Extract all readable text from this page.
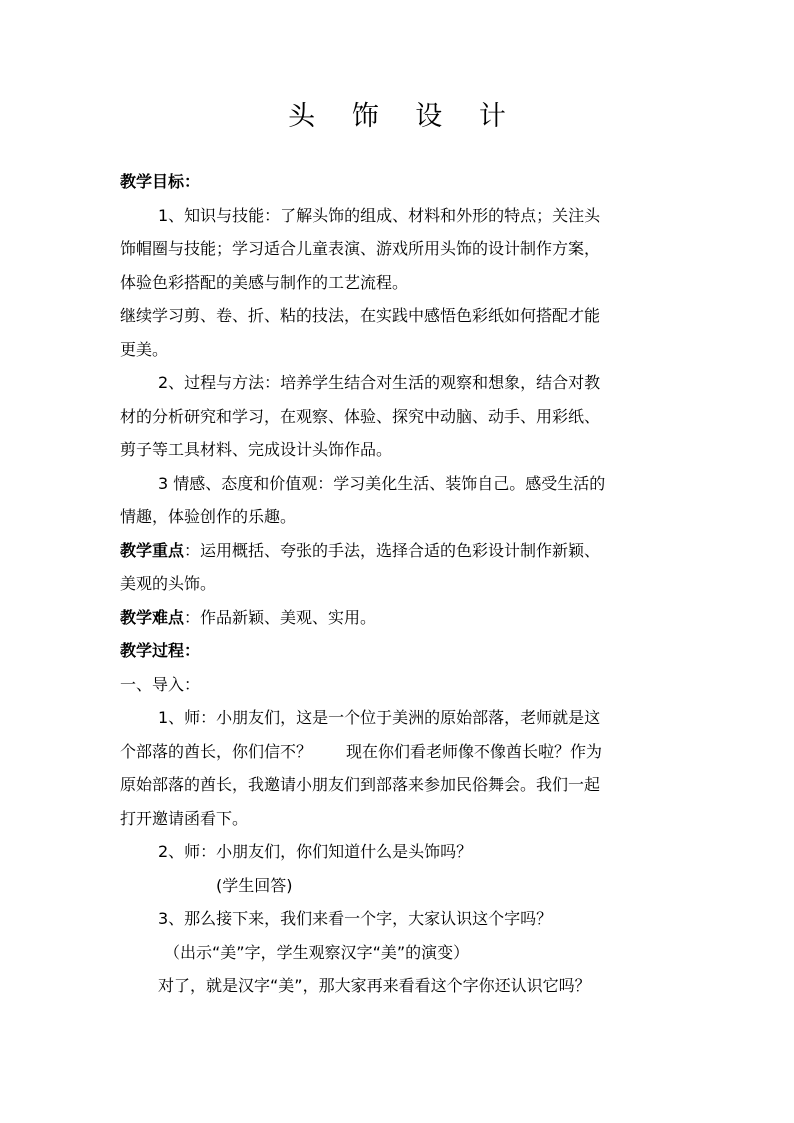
头 饰 设 计

教学目标：

1、知识与技能：了解头饰的组成、材料和外形的特点；关注头

饰帽圈与技能；学习适合儿童表演、游戏所用头饰的设计制作方案，

体验色彩搭配的美感与制作的工艺流程。

继续学习剪、卷、折、粘的技法，在实践中感悟色彩纸如何搭配才能

更美。

2、过程与方法：培养学生结合对生活的观察和想象，结合对教

材的分析研究和学习，在观察、体验、探究中动脑、动手、用彩纸、

剪子等工具材料、完成设计头饰作品。

3 情感、态度和价值观：学习美化生活、装饰自己。感受生活的

情趣，体验创作的乐趣。

教学重点：运用概括、夸张的手法，选择合适的色彩设计制作新颖、

美观的头饰。

教学难点：作品新颖、美观、实用。

教学过程：

一、导入：

1、师：小朋友们，这是一个位于美洲的原始部落，老师就是这

个部落的酋长，你们信不？ 现在你们看老师像不像酋长啦？作为

原始部落的酋长，我邀请小朋友们到部落来参加民俗舞会。我们一起

打开邀请函看下。

2、师：小朋友们，你们知道什么是头饰吗？

(学生回答)

3、那么接下来，我们来看一个字，大家认识这个字吗？

（出示“美”字，学生观察汉字“美”的演变）

对了，就是汉字“美”，那大家再来看看这个字你还认识它吗？
